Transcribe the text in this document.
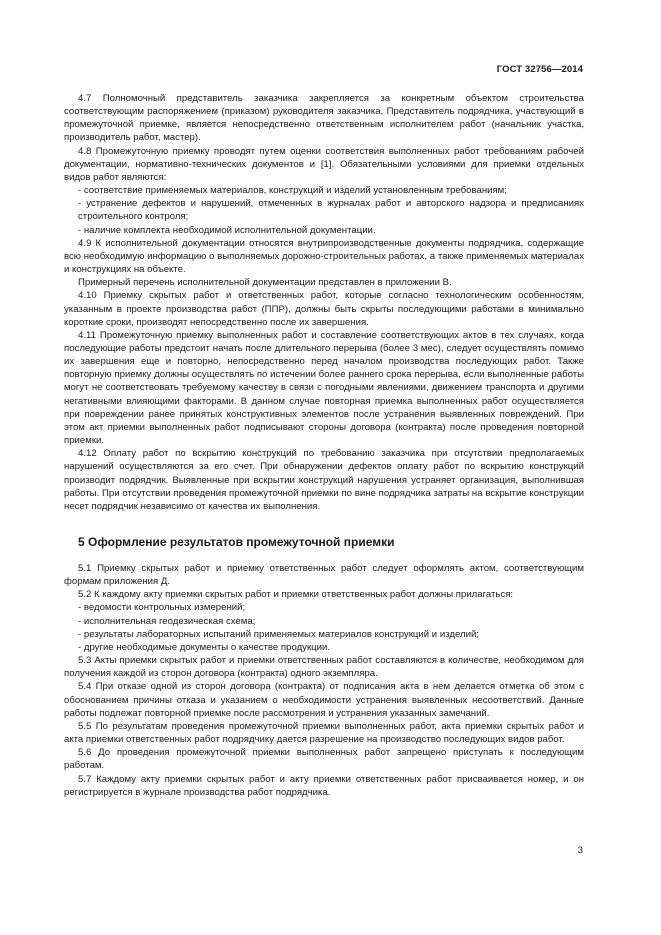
ГОСТ 32756—2014

4.7 Полномочный представитель заказчика закрепляется за конкретным объектом строительства соответствующим распоряжением (приказом) руководителя заказчика. Представитель подрядчика, участвующий в промежуточной приемке, является непосредственно ответственным исполнителем работ (начальник участка, производитель работ, мастер).

4.8 Промежуточную приемку проводят путем оценки соответствия выполненных работ требованиям рабочей документации, нормативно-технических документов и [1]. Обязательными условиями для приемки отдельных видов работ являются:

- соответствие применяемых материалов, конструкций и изделий установленным требованиям;

- устранение дефектов и нарушений, отмеченных в журналах работ и авторского надзора и предписаниях строительного контроля;

- наличие комплекта необходимой исполнительной документации.

4.9 К исполнительной документации относятся внутрипроизводственные документы подрядчика, содержащие всю необходимую информацию о выполняемых дорожно-строительных работах, а также применяемых материалах и конструкциях на объекте.

Примерный перечень исполнительной документации представлен в приложении В.

4.10 Приемку скрытых работ и ответственных работ, которые согласно технологическим особенностям, указанным в проекте производства работ (ППР), должны быть скрыты последующими работами в минимально короткие сроки, производят непосредственно после их завершения.

4.11 Промежуточную приемку выполненных работ и составление соответствующих актов в тех случаях, когда последующие работы предстоит начать после длительного перерыва (более 3 мес), следует осуществлять помимо их завершения еще и повторно, непосредственно перед началом производства последующих работ. Также повторную приемку должны осуществлять по истечении более раннего срока перерыва, если выполненные работы могут не соответствовать требуемому качеству в связи с погодными явлениями, движением транспорта и другими негативными влияющими факторами. В данном случае повторная приемка выполненных работ осуществляется при повреждении ранее принятых конструктивных элементов после устранения выявленных повреждений. При этом акт приемки выполненных работ подписывают стороны договора (контракта) после проведения повторной приемки.

4.12 Оплату работ по вскрытию конструкций по требованию заказчика при отсутствии предполагаемых нарушений осуществляются за его счет. При обнаружении дефектов оплату работ по вскрытию конструкций производит подрядчик. Выявленные при вскрытии конструкций нарушения устраняет организация, выполнившая работы. При отсутствии проведения промежуточной приемки по вине подрядчика затраты на вскрытие конструкции несет подрядчик независимо от качества их выполнения.

5 Оформление результатов промежуточной приемки

5.1 Приемку скрытых работ и приемку ответственных работ следует оформлять актом, соответствующим формам приложения Д.

5.2 К каждому акту приемки скрытых работ и приемки ответственных работ должны прилагаться:

- ведомости контрольных измерений;

- исполнительная геодезическая схема;

- результаты лабораторных испытаний применяемых материалов конструкций и изделий;

- другие необходимые документы о качестве продукции.

5.3 Акты приемки скрытых работ и приемки ответственных работ составляются в количестве, необходимом для получения каждой из сторон договора (контракта) одного экземпляра.

5.4 При отказе одной из сторон договора (контракта) от подписания акта в нем делается отметка об этом с обоснованием причины отказа и указанием о необходимости устранения выявленных несоответствий. Данные работы подлежат повторной приемке после рассмотрения и устранения указанных замечаний.

5.5 По результатам проведения промежуточной приемки выполненных работ, акта приемки скрытых работ и акта приемки ответственных работ подрядчику дается разрешение на производство последующих видов работ.

5.6 До проведения промежуточной приемки выполненных работ запрещено приступать к последующим работам.

5.7 Каждому акту приемки скрытых работ и акту приемки ответственных работ присваивается номер, и он регистрируется в журнале производства работ подрядчика.

3
